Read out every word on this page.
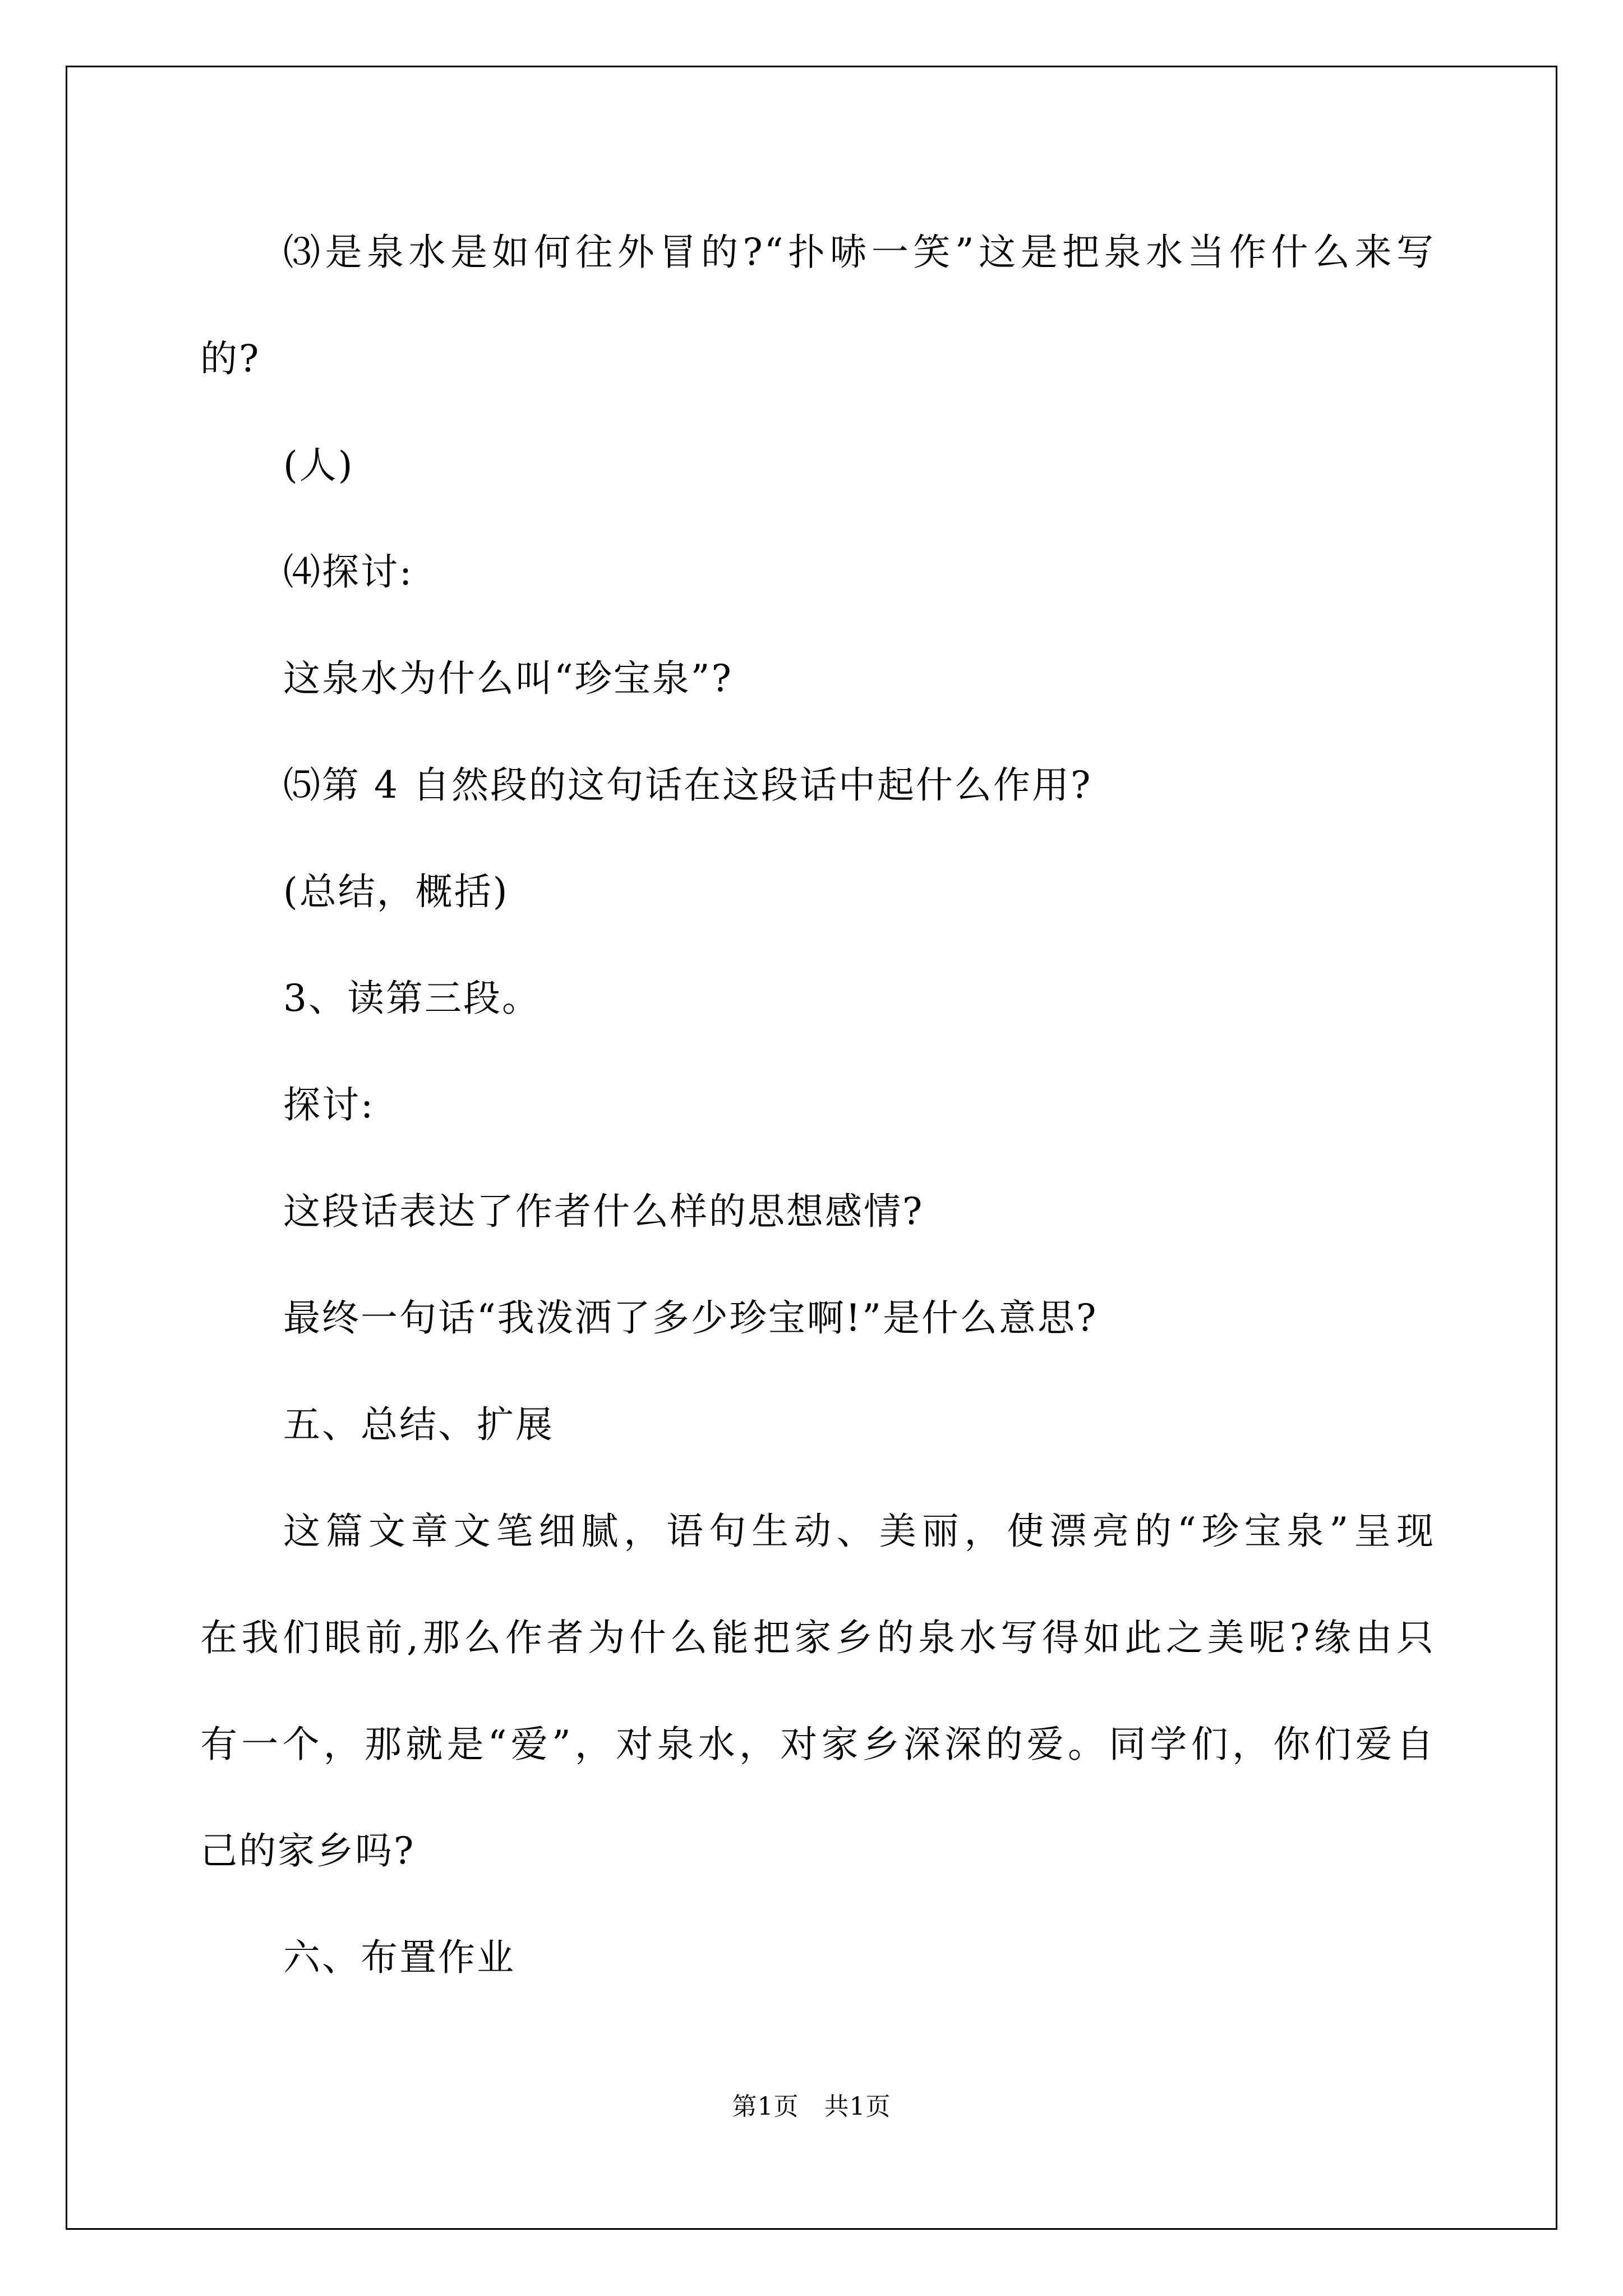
⑶是泉水是如何往外冒的?“扑哧一笑”这是把泉水当作什么来写
的?
(人)
⑷探讨:
这泉水为什么叫“珍宝泉”?
⑸第 4 自然段的这句话在这段话中起什么作用?
(总结，概括)
3、读第三段。
探讨:
这段话表达了作者什么样的思想感情?
最终一句话“我泼洒了多少珍宝啊!”是什么意思?
五、总结、扩展
这篇文章文笔细腻，语句生动、美丽，使漂亮的“珍宝泉”呈现
在我们眼前,那么作者为什么能把家乡的泉水写得如此之美呢?缘由只
有一个，那就是“爱”，对泉水，对家乡深深的爱。同学们，你们爱自
己的家乡吗?
六、布置作业
第1页　共1页
